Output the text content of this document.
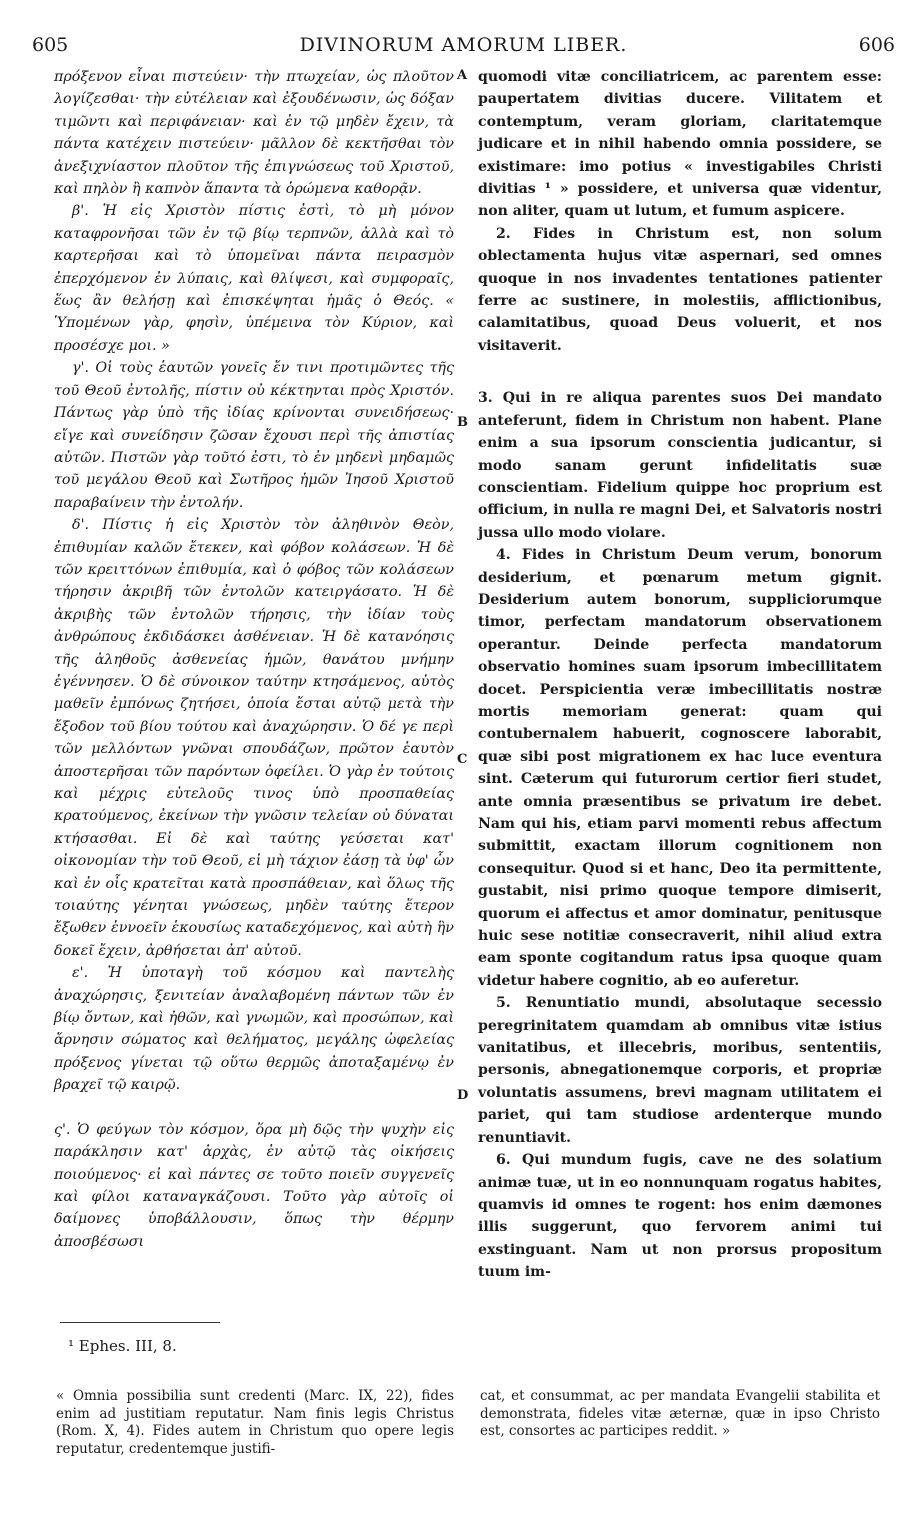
605	DIVINORUM AMORUM LIBER.	606

πρόξενον εἶναι πιστεύειν· τὴν πτωχείαν, ὡς πλοῦτον λογίζεσθαι· τὴν εὐτέλειαν καὶ ἐξουδένωσιν, ὡς δόξαν τιμῶντι καὶ περιφάνειαν· καὶ ἐν τῷ μηδὲν ἔχειν, τὰ πάντα κατέχειν πιστεύειν· μᾶλλον δὲ κεκτῆσθαι τὸν ἀνεξιχνίαστον πλοῦτον τῆς ἐπιγνώσεως τοῦ Χριστοῦ, καὶ πηλὸν ἢ καπνὸν ἅπαντα τὰ ὁρώμενα καθορᾷν.

β'. Ἡ εἰς Χριστὸν πίστις ἐστὶ, τὸ μὴ μόνον καταφρονῆσαι τῶν ἐν τῷ βίῳ τερπνῶν, ἀλλὰ καὶ τὸ καρτερῆσαι καὶ τὸ ὑπομεῖναι πάντα πειρασμὸν ἐπερχόμενον ἐν λύπαις, καὶ θλίψεσι, καὶ συμφοραῖς, ἕως ἂν θελήσῃ καὶ ἐπισκέψηται ἡμᾶς ὁ Θεός. « Ὑπομένων γὰρ, φησὶν, ὑπέμεινα τὸν Κύριον, καὶ προσέσχε μοι. »

γ'. Οἱ τοὺς ἑαυτῶν γονεῖς ἔν τινι προτιμῶντες τῆς τοῦ Θεοῦ ἐντολῆς, πίστιν οὐ κέκτηνται πρὸς Χριστόν. Πάντως γὰρ ὑπὸ τῆς ἰδίας κρίνονται συνειδήσεως· εἴγε καὶ συνείδησιν ζῶσαν ἔχουσι περὶ τῆς ἀπιστίας αὐτῶν. Πιστῶν γὰρ τοῦτό ἐστι, τὸ ἐν μηδενὶ μηδαμῶς τοῦ μεγάλου Θεοῦ καὶ Σωτῆρος ἡμῶν Ἰησοῦ Χριστοῦ παραβαίνειν τὴν ἐντολήν.

δ'. Πίστις ἡ εἰς Χριστὸν τὸν ἀληθινὸν Θεὸν, ἐπιθυμίαν καλῶν ἔτεκεν, καὶ φόβον κολάσεων. Ἡ δὲ τῶν κρειττόνων ἐπιθυμία, καὶ ὁ φόβος τῶν κολάσεων τήρησιν ἀκριβῆ τῶν ἐντολῶν κατειργάσατο. Ἡ δὲ ἀκριβὴς τῶν ἐντολῶν τήρησις, τὴν ἰδίαν τοὺς ἀνθρώπους ἐκδιδάσκει ἀσθένειαν. Ἡ δὲ κατανόησις τῆς ἀληθοῦς ἀσθενείας ἡμῶν, θανάτου μνήμην ἐγέννησεν. Ὁ δὲ σύνοικον ταύτην κτησάμενος, αὐτὸς μαθεῖν ἐμπόνως ζητήσει, ὁποία ἔσται αὐτῷ μετὰ τὴν ἔξοδον τοῦ βίου τούτου καὶ ἀναχώρησιν. Ὁ δέ γε περὶ τῶν μελλόντων γνῶναι σπουδάζων, πρῶτον ἑαυτὸν ἀποστερῆσαι τῶν παρόντων ὀφείλει. Ὁ γὰρ ἐν τούτοις καὶ μέχρις εὐτελοῦς τινος ὑπὸ προσπαθείας κρατούμενος, ἐκείνων τὴν γνῶσιν τελείαν οὐ δύναται κτήσασθαι. Εἰ δὲ καὶ ταύτης γεύσεται κατ' οἰκονομίαν τὴν τοῦ Θεοῦ, εἰ μὴ τάχιον ἐάσῃ τὰ ὑφ' ὧν καὶ ἐν οἷς κρατεῖται κατὰ προσπάθειαν, καὶ ὅλως τῆς τοιαύτης γένηται γνώσεως, μηδὲν ταύτης ἕτερον ἔξωθεν ἐννοεῖν ἑκουσίως καταδεχόμενος, καὶ αὐτὴ ἣν δοκεῖ ἔχειν, ἀρθήσεται ἀπ' αὐτοῦ.

ε'. Ἡ ὑποταγὴ τοῦ κόσμου καὶ παντελὴς ἀναχώρησις, ξενιτείαν ἀναλαβομένη πάντων τῶν ἐν βίῳ ὄντων, καὶ ἠθῶν, καὶ γνωμῶν, καὶ προσώπων, καὶ ἄρνησιν σώματος καὶ θελήματος, μεγάλης ὠφελείας πρόξενος γίνεται τῷ οὕτω θερμῶς ἀποταξαμένῳ ἐν βραχεῖ τῷ καιρῷ.

ς'. Ὁ φεύγων τὸν κόσμον, ὅρα μὴ δῷς τὴν ψυχὴν εἰς παράκλησιν κατ' ἀρχὰς, ἐν αὐτῷ τὰς οἰκήσεις ποιούμενος· εἰ καὶ πάντες σε τοῦτο ποιεῖν συγγενεῖς καὶ φίλοι καταναγκάζουσι. Τοῦτο γὰρ αὐτοῖς οἱ δαίμονες ὑποβάλλουσιν, ὅπως τὴν θέρμην ἀποσβέσωσι

A
B
C
D

quomodi vitæ conciliatricem, ac parentem esse: paupertatem divitias ducere. Vilitatem et contemptum, veram gloriam, claritatemque judicare et in nihil habendo omnia possidere, se existimare: imo potius « investigabiles Christi divitias ¹ » possidere, et universa quæ videntur, non aliter, quam ut lutum, et fumum aspicere.

2. Fides in Christum est, non solum oblectamenta hujus vitæ aspernari, sed omnes quoque in nos invadentes tentationes patienter ferre ac sustinere, in molestiis, afflictionibus, calamitatibus, quoad Deus voluerit, et nos visitaverit.

3. Qui in re aliqua parentes suos Dei mandato anteferunt, fidem in Christum non habent. Plane enim a sua ipsorum conscientia judicantur, si modo sanam gerunt infidelitatis suæ conscientiam. Fidelium quippe hoc proprium est officium, in nulla re magni Dei, et Salvatoris nostri jussa ullo modo violare.

4. Fides in Christum Deum verum, bonorum desiderium, et pœnarum metum gignit. Desiderium autem bonorum, suppliciorumque timor, perfectam mandatorum observationem operantur. Deinde perfecta mandatorum observatio homines suam ipsorum imbecillitatem docet. Perspicientia veræ imbecillitatis nostræ mortis memoriam generat: quam qui contubernalem habuerit, cognoscere laborabit, quæ sibi post migrationem ex hac luce eventura sint. Cæterum qui futurorum certior fieri studet, ante omnia præsentibus se privatum ire debet. Nam qui his, etiam parvi momenti rebus affectum submittit, exactam illorum cognitionem non consequitur. Quod si et hanc, Deo ita permittente, gustabit, nisi primo quoque tempore dimiserit, quorum ei affectus et amor dominatur, penitusque huic sese notitiæ consecraverit, nihil aliud extra eam sponte cogitandum ratus ipsa quoque quam videtur habere cognitio, ab eo auferetur.

5. Renuntiatio mundi, absolutaque secessio peregrinitatem quamdam ab omnibus vitæ istius vanitatibus, et illecebris, moribus, sententiis, personis, abnegationemque corporis, et propriæ voluntatis assumens, brevi magnam utilitatem ei pariet, qui tam studiose ardenterque mundo renuntiavit.

6. Qui mundum fugis, cave ne des solatium animæ tuæ, ut in eo nonnunquam rogatus habites, quamvis id omnes te rogent: hos enim dæmones illis suggerunt, quo fervorem animi tui exstinguant. Nam ut non prorsus propositum tuum im-

¹ Ephes. III, 8.
« Omnia possibilia sunt credenti (Marc. IX, 22), fides enim ad justitiam reputatur. Nam finis legis Christus (Rom. X, 4). Fides autem in Christum quo opere legis reputatur, credentemque justifi-
cat, et consummat, ac per mandata Evangelii stabilita et demonstrata, fideles vitæ æternæ, quæ in ipso Christo est, consortes ac participes reddit. »
